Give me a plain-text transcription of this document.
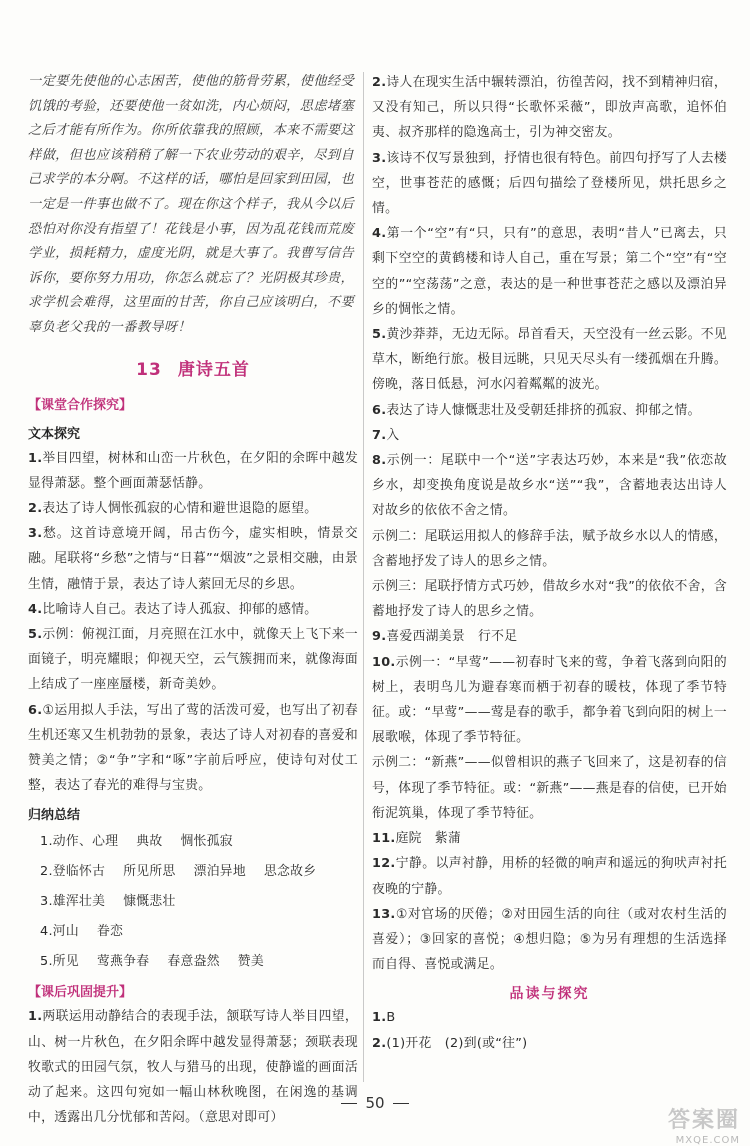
一定要先使他的心志困苦，使他的筋骨劳累，使他经受饥饿的考验，还要使他一贫如洗，内心烦闷，思虑堵塞之后才能有所作为。你所依靠我的照顾，本来不需要这样做，但也应该稍稍了解一下农业劳动的艰辛，尽到自己求学的本分啊。不这样的话，哪怕是回家到田园，也一定是一件事也做不了。现在你这个样子，我从今以后恐怕对你没有指望了！花钱是小事，因为乱花钱而荒废学业，损耗精力，虚度光阴，就是大事了。我曹写信告诉你，要你努力用功，你怎么就忘了？光阴极其珍贵，求学机会难得，这里面的甘苦，你自己应该明白，不要辜负老父我的一番教导呀！

13 唐诗五首
【课堂合作探究】
文本探究

1.举目四望，树林和山峦一片秋色，在夕阳的余晖中越发显得萧瑟。整个画面萧瑟恬静。

2.表达了诗人惆怅孤寂的心情和避世退隐的愿望。

3.愁。这首诗意境开阔，吊古伤今，虚实相映，情景交融。尾联将“乡愁”之情与“日暮”“烟波”之景相交融，由景生情，融情于景，表达了诗人萦回无尽的乡思。

4.比喻诗人自己。表达了诗人孤寂、抑郁的感情。

5.示例：俯视江面，月亮照在江水中，就像天上飞下来一面镜子，明亮耀眼；仰视天空，云气簇拥而来，就像海面上结成了一座座蜃楼，新奇美妙。

6.①运用拟人手法，写出了莺的活泼可爱，也写出了初春生机还寒又生机勃勃的景象，表达了诗人对初春的喜爱和赞美之情；②“争”字和“啄”字前后呼应，使诗句对仗工整，表达了春光的难得与宝贵。

归纳总结

1.动作、心理 典故 惆怅孤寂

2.登临怀古 所见所思 漂泊异地 思念故乡

3.雄浑壮美 慷慨悲壮

4.河山 眷恋

5.所见 莺燕争春 春意盎然 赞美

【课后巩固提升】

1.两联运用动静结合的表现手法，颔联写诗人举目四望，山、树一片秋色，在夕阳余晖中越发显得萧瑟；颈联表现牧歌式的田园气氛，牧人与猎马的出现，使静谧的画面活动了起来。这四句宛如一幅山林秋晚图，在闲逸的基调中，透露出几分忧郁和苦闷。（意思对即可）

2.诗人在现实生活中辗转漂泊，彷徨苦闷，找不到精神归宿，又没有知己，所以只得“长歌怀采薇”，即放声高歌，追怀伯夷、叔齐那样的隐逸高士，引为神交密友。

3.该诗不仅写景独到，抒情也很有特色。前四句抒写了人去楼空，世事苍茫的感慨；后四句描绘了登楼所见，烘托思乡之情。

4.第一个“空”有“只，只有”的意思，表明“昔人”已离去，只剩下空空的黄鹤楼和诗人自己，重在写景；第二个“空”有“空空的”“空荡荡”之意，表达的是一种世事苍茫之感以及漂泊异乡的惆怅之情。

5.黄沙莽莽，无边无际。昂首看天，天空没有一丝云影。不见草木，断绝行旅。极目远眺，只见天尽头有一缕孤烟在升腾。傍晚，落日低悬，河水闪着粼粼的波光。

6.表达了诗人慷慨悲壮及受朝廷排挤的孤寂、抑郁之情。

7.入

8.示例一：尾联中一个“送”字表达巧妙，本来是“我”依恋故乡水，却变换角度说是故乡水“送”“我”，含蓄地表达出诗人对故乡的依依不舍之情。

示例二：尾联运用拟人的修辞手法，赋予故乡水以人的情感，含蓄地抒发了诗人的思乡之情。

示例三：尾联抒情方式巧妙，借故乡水对“我”的依依不舍，含蓄地抒发了诗人的思乡之情。

9.喜爱西湖美景　行不足

10.示例一：“早莺”——初春时飞来的莺，争着飞落到向阳的树上，表明鸟儿为避春寒而栖于初春的暖枝，体现了季节特征。或：“早莺”——莺是春的歌手，都争着飞到向阳的树上一展歌喉，体现了季节特征。

示例二：“新燕”——似曾相识的燕子飞回来了，这是初春的信号，体现了季节特征。或：“新燕”——燕是春的信使，已开始衔泥筑巢，体现了季节特征。

11.庭院　紫蒲

12.宁静。以声衬静，用桥的轻微的响声和遥远的狗吠声衬托夜晚的宁静。

13.①对官场的厌倦；②对田园生活的向往（或对农村生活的喜爱）；③回家的喜悦；④想归隐；⑤为另有理想的生活选择而自得、喜悦或满足。

品读与探究

1.B

2.(1)开花　(2)到(或“往”)

50
答案圈
MXQE.COM
